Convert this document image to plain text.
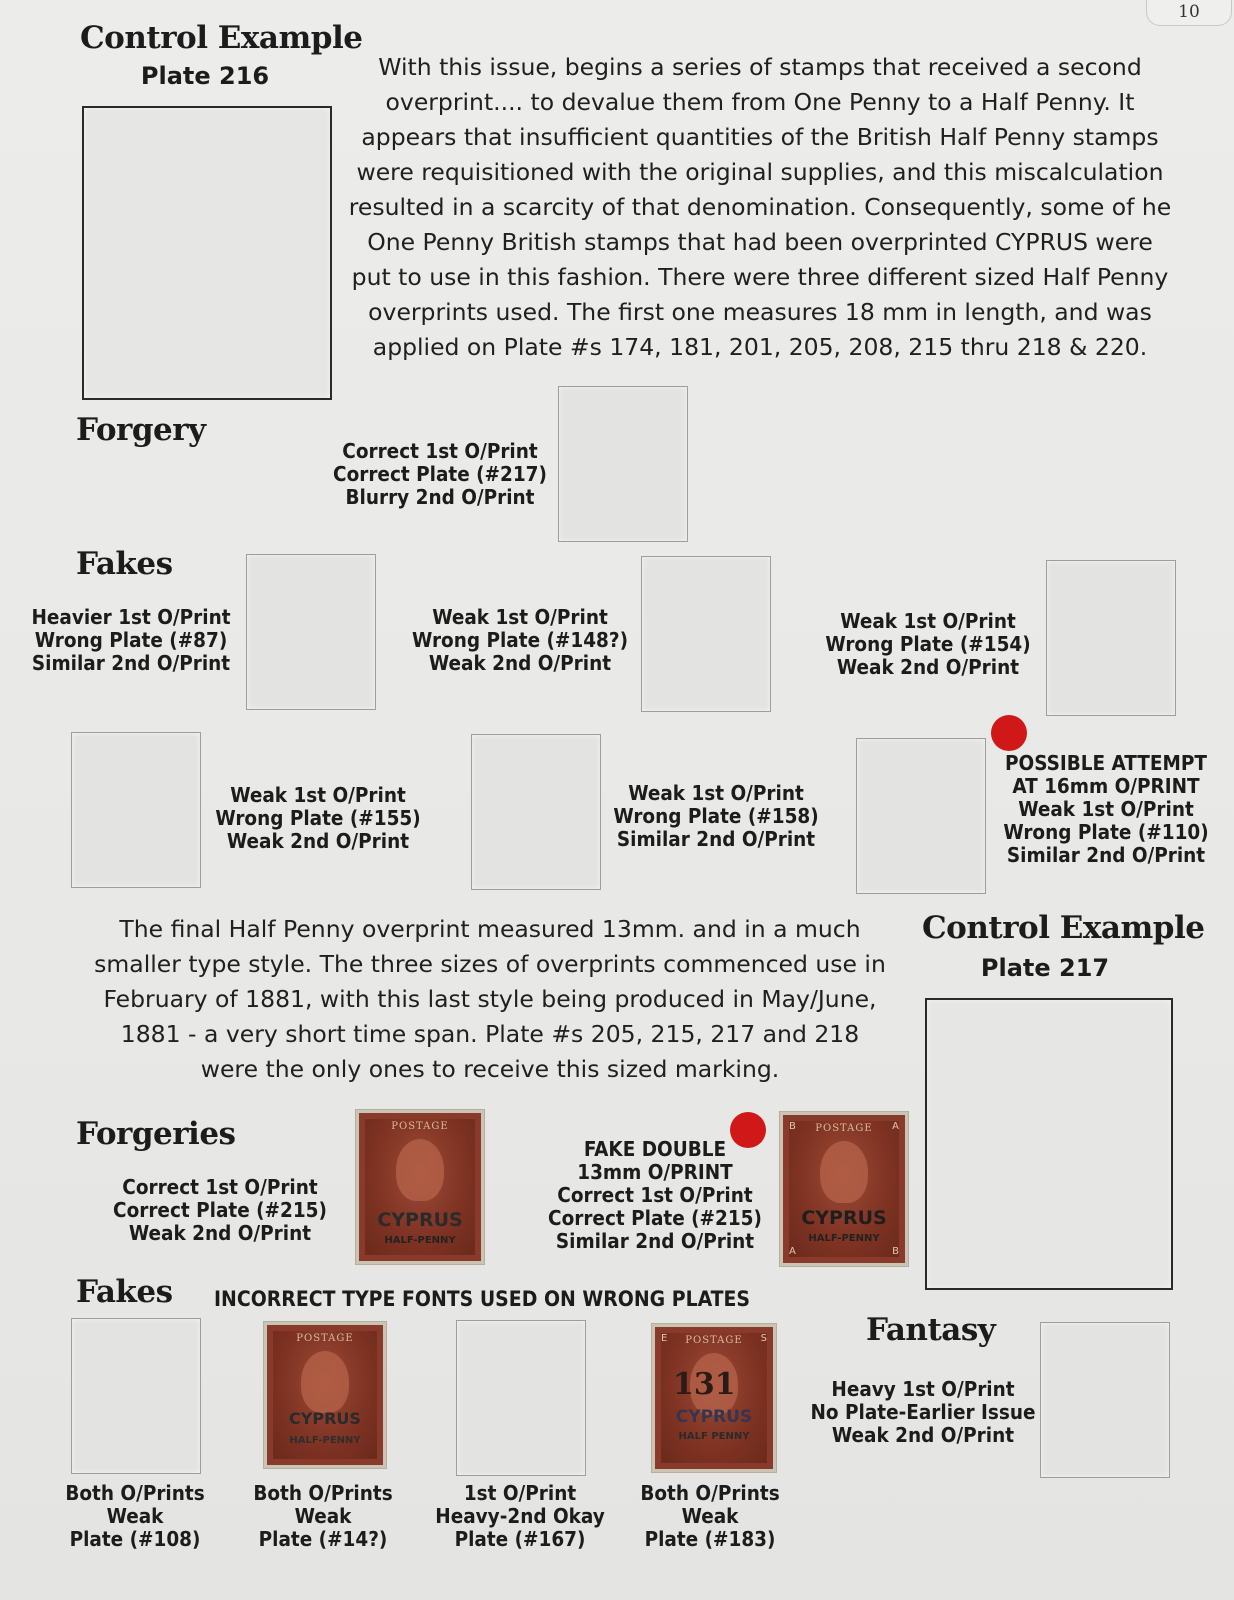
10
Control Example
Plate 216	With this issue, begins a series of stamps that received a second
overprint.... to devalue them from One Penny to a Half Penny. It
appears that insufficient quantities of the British Half Penny stamps
were requisitioned with the original supplies, and this miscalculation
resulted in a scarcity of that denomination. Consequently, some of he
One Penny British stamps that had been overprinted CYPRUS were
put to use in this fashion. There were three different sized Half Penny
overprints used. The first one measures 18 mm in length, and was
applied on Plate #s 174, 181, 201, 205, 208, 215 thru 218 & 220.
Forgery
Correct 1st O/Print
Correct Plate (#217)
Blurry 2nd O/Print
Fakes
Heavier 1st O/Print
Wrong Plate (#87)
Similar 2nd O/Print
Weak 1st O/Print
Wrong Plate (#148?)
Weak 2nd O/Print
Weak 1st O/Print
Wrong Plate (#154)
Weak 2nd O/Print
Weak 1st O/Print
Wrong Plate (#155)
Weak 2nd O/Print
Weak 1st O/Print
Wrong Plate (#158)
Similar 2nd O/Print
POSSIBLE ATTEMPT
AT 16mm O/PRINT
Weak 1st O/Print
Wrong Plate (#110)
Similar 2nd O/Print
The final Half Penny overprint measured 13mm. and in a much
smaller type style. The three sizes of overprints commenced use in
February of 1881, with this last style being produced in May/June,
1881 - a very short time span. Plate #s 205, 215, 217 and 218
were the only ones to receive this sized marking.
Control Example
Plate 217
Forgeries
Correct 1st O/Print
Correct Plate (#215)
Weak 2nd O/Print
POSTAGE
CYPRUS
HALF-PENNY
FAKE DOUBLE
13mm O/PRINT
Correct 1st O/Print
Correct Plate (#215)
Similar 2nd O/Print
POSTAGE
B	A
CYPRUS
HALF-PENNY
A	B
Fakes INCORRECT TYPE FONTS USED ON WRONG PLATES
POSTAGE
CYPRUS
HALF-PENNY
POSTAGE
E	S
131
CYPRUS
HALF PENNY
Both O/Prints
Weak
Plate (#108)
Both O/Prints
Weak
Plate (#14?)
1st O/Print
Heavy-2nd Okay
Plate (#167)
Both O/Prints
Weak
Plate (#183)
Fantasy
Heavy 1st O/Print
No Plate-Earlier Issue
Weak 2nd O/Print
